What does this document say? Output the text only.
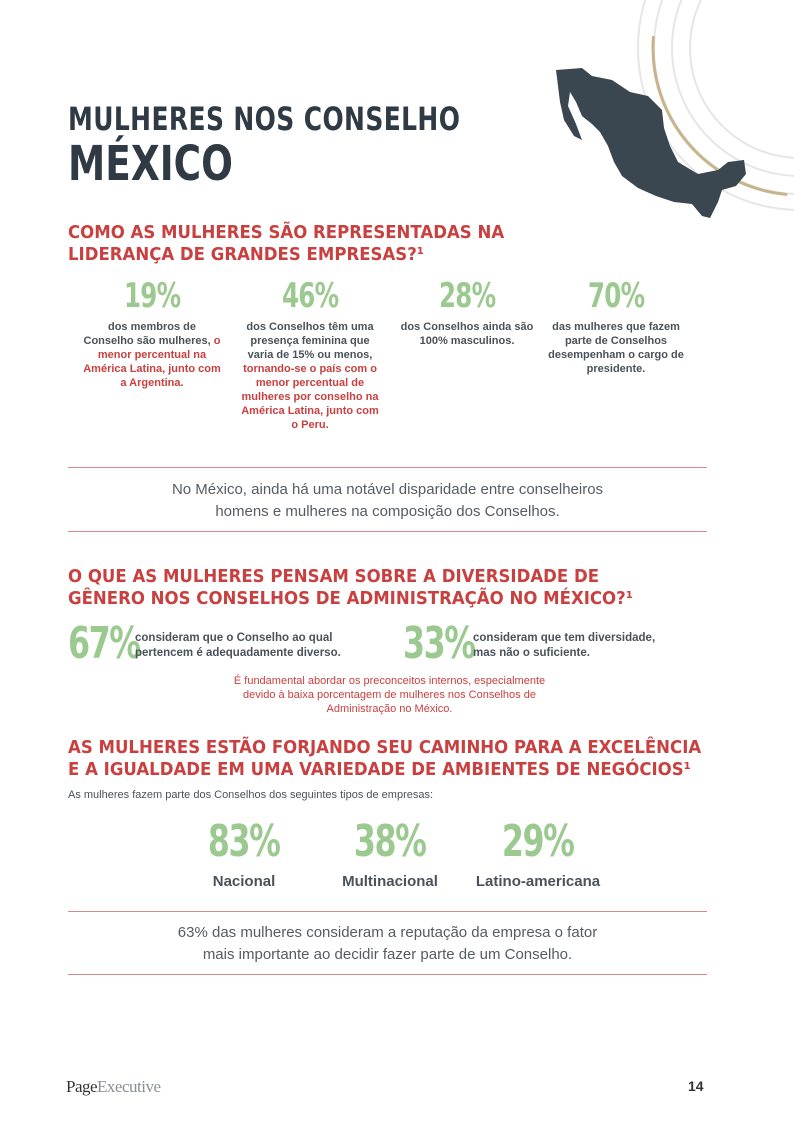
MULHERES NOS CONSELHO
MÉXICO
COMO AS MULHERES SÃO REPRESENTADAS NA
LIDERANÇA DE GRANDES EMPRESAS?¹
19%
dos membros de Conselho são mulheres, o menor percentual na América Latina, junto com a Argentina.
46%
dos Conselhos têm uma presença feminina que varia de 15% ou menos, tornando-se o país com o menor percentual de mulheres por conselho na América Latina, junto com o Peru.
28%
dos Conselhos ainda são 100% masculinos.
70%
das mulheres que fazem parte de Conselhos desempenham o cargo de presidente.
No México, ainda há uma notável disparidade entre conselheiros
homens e mulheres na composição dos Conselhos.
O QUE AS MULHERES PENSAM SOBRE A DIVERSIDADE DE
GÊNERO NOS CONSELHOS DE ADMINISTRAÇÃO NO MÉXICO?¹
67%
consideram que o Conselho ao qual
pertencem é adequadamente diverso. 33%
consideram que tem diversidade,
mas não o suficiente.
É fundamental abordar os preconceitos internos, especialmente
devido à baixa porcentagem de mulheres nos Conselhos de
Administração no México.
AS MULHERES ESTÃO FORJANDO SEU CAMINHO PARA A EXCELÊNCIA
E A IGUALDADE EM UMA VARIEDADE DE AMBIENTES DE NEGÓCIOS¹
As mulheres fazem parte dos Conselhos dos seguintes tipos de empresas:
83%
Nacional
38%
Multinacional
29%
Latino-americana
63% das mulheres consideram a reputação da empresa o fator
mais importante ao decidir fazer parte de um Conselho.
PageExecutive	14
